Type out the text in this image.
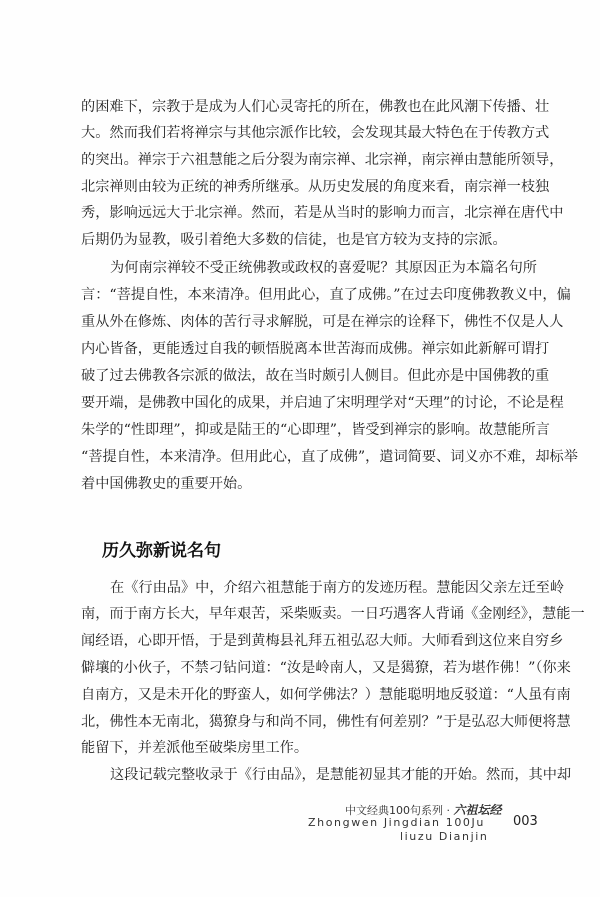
的困难下，宗教于是成为人们心灵寄托的所在，佛教也在此风潮下传播、壮
大。然而我们若将禅宗与其他宗派作比较，会发现其最大特色在于传教方式
的突出。禅宗于六祖慧能之后分裂为南宗禅、北宗禅，南宗禅由慧能所领导，
北宗禅则由较为正统的神秀所继承。从历史发展的角度来看，南宗禅一枝独
秀，影响远远大于北宗禅。然而，若是从当时的影响力而言，北宗禅在唐代中
后期仍为显教，吸引着绝大多数的信徒，也是官方较为支持的宗派。
为何南宗禅较不受正统佛教或政权的喜爱呢？其原因正为本篇名句所
言：“菩提自性，本来清净。但用此心，直了成佛。”在过去印度佛教教义中，偏
重从外在修炼、肉体的苦行寻求解脱，可是在禅宗的诠释下，佛性不仅是人人
内心皆备，更能透过自我的顿悟脱离本世苦海而成佛。禅宗如此新解可谓打
破了过去佛教各宗派的做法，故在当时颇引人侧目。但此亦是中国佛教的重
要开端，是佛教中国化的成果，并启迪了宋明理学对“天理”的讨论，不论是程
朱学的“性即理”，抑或是陆王的“心即理”，皆受到禅宗的影响。故慧能所言
“菩提自性，本来清净。但用此心，直了成佛”，遣词简要、词义亦不难，却标举
着中国佛教史的重要开始。
在《行由品》中，介绍六祖慧能于南方的发迹历程。慧能因父亲左迁至岭
南，而于南方长大，早年艰苦，采柴贩卖。一日巧遇客人背诵《金刚经》，慧能一
闻经语，心即开悟，于是到黄梅县礼拜五祖弘忍大师。大师看到这位来自穷乡
僻壤的小伙子，不禁刁钻问道：“汝是岭南人，又是獦獠，若为堪作佛！”（你来
自南方，又是未开化的野蛮人，如何学佛法？）慧能聪明地反驳道：“人虽有南
北，佛性本无南北，獦獠身与和尚不同，佛性有何差别？”于是弘忍大师便将慧
能留下，并差派他至破柴房里工作。
这段记载完整收录于《行由品》，是慧能初显其才能的开始。然而，其中却
历久弥新说名句
中文经典100句系列 · 六祖坛经
Zhongwen Jingdian 100Ju
liuzu Dianjin
003
